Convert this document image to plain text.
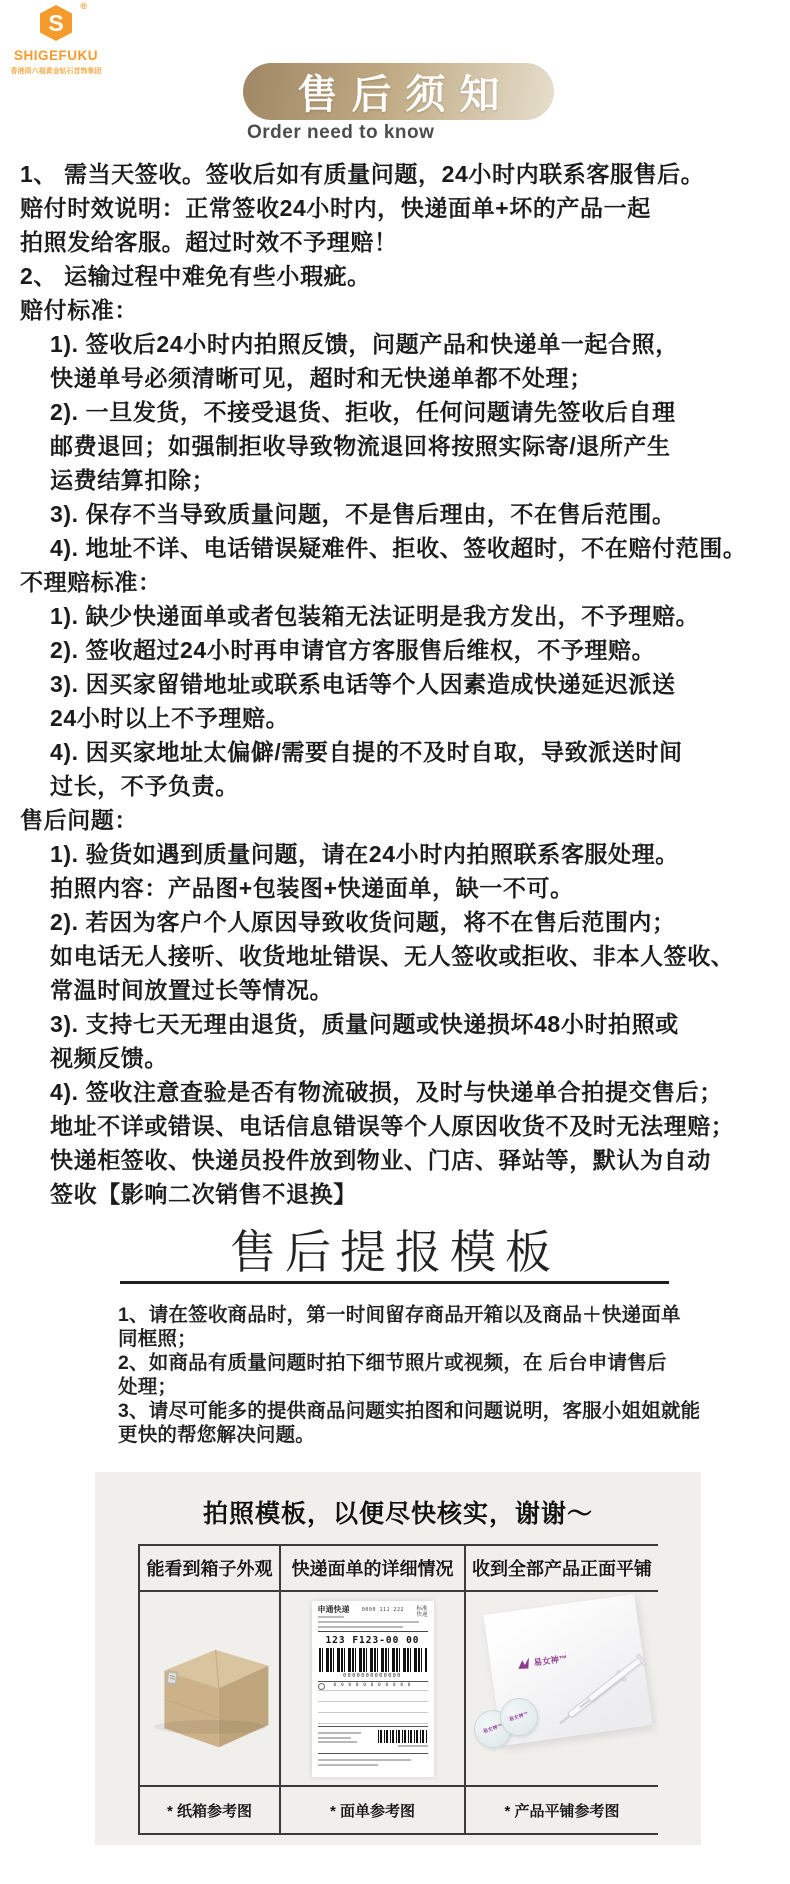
S
®
SHIGEFUKU
香港周六福黄金钻石首饰集团
售后须知
Order need to know
1、 需当天签收。签收后如有质量问题，24小时内联系客服售后。
赔付时效说明：正常签收24小时内，快递面单+坏的产品一起
拍照发给客服。超过时效不予理赔！
2、 运输过程中难免有些小瑕疵。
赔付标准：
1). 签收后24小时内拍照反馈，问题产品和快递单一起合照，
快递单号必须清晰可见，超时和无快递单都不处理；
2). 一旦发货，不接受退货、拒收，任何问题请先签收后自理
邮费退回；如强制拒收导致物流退回将按照实际寄/退所产生
运费结算扣除；
3). 保存不当导致质量问题，不是售后理由，不在售后范围。
4). 地址不详、电话错误疑难件、拒收、签收超时，不在赔付范围。
不理赔标准：
1). 缺少快递面单或者包装箱无法证明是我方发出，不予理赔。
2). 签收超过24小时再申请官方客服售后维权，不予理赔。
3). 因买家留错地址或联系电话等个人因素造成快递延迟派送
24小时以上不予理赔。
4). 因买家地址太偏僻/需要自提的不及时自取，导致派送时间
过长，不予负责。
售后问题：
1). 验货如遇到质量问题，请在24小时内拍照联系客服处理。
拍照内容：产品图+包装图+快递面单，缺一不可。
2). 若因为客户个人原因导致收货问题，将不在售后范围内；
如电话无人接听、收货地址错误、无人签收或拒收、非本人签收、
常温时间放置过长等情况。
3). 支持七天无理由退货，质量问题或快递损坏48小时拍照或
视频反馈。
4). 签收注意查验是否有物流破损，及时与快递单合拍提交售后；
地址不详或错误、电话信息错误等个人原因收货不及时无法理赔；
快递柜签收、快递员投件放到物业、门店、驿站等，默认为自动
签收【影响二次销售不退换】
售后提报模板
1、请在签收商品时，第一时间留存商品开箱以及商品＋快递面单
同框照；
2、如商品有质量问题时拍下细节照片或视频，在 后台申请售后
处理；
3、请尽可能多的提供商品问题实拍图和问题说明，客服小姐姐就能
更快的帮您解决问题。
拍照模板，以便尽快核实，谢谢～
能看到箱子外观	快递面单的详细情况	收到全部产品正面平铺
申通快递 0000 111 222 标准
快递
123 F123-00 00
0000000000000
0 0 0 0 0 0 0 0 0 0 0
易女神™
易女神™
易女神™
* 纸箱参考图	* 面单参考图	* 产品平铺参考图
